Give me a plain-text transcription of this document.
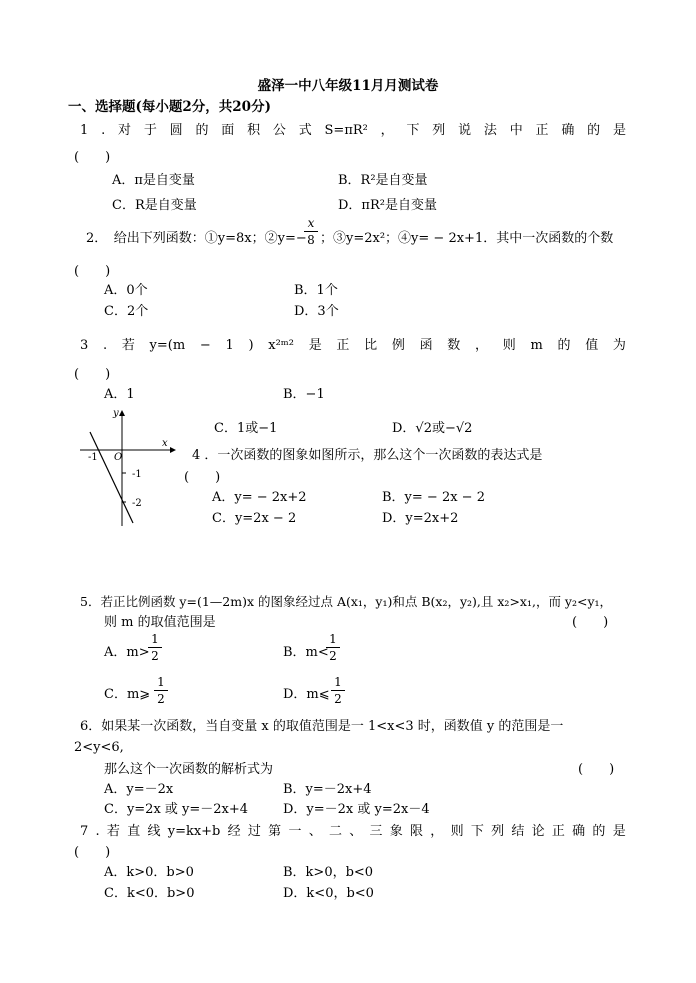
盛泽一中八年级11月月测试卷
一、选择题(每小题2分，共20分)
1 . 对 于 圆 的 面 积 公 式 S=πR² ， 下 列 说 法 中 正 确 的 是
(　　)
A．π是自变量	B．R²是自变量
C．R是自变量	D．πR²是自变量
2．　给出下列函数：①y=8x；②y=−
x
8 ；③y=2x²；④y= − 2x+1．其中一次函数的个数
(　　)
A．0个	B．1个
C．2个	D．3个
3 . 若 y=(m − 1 ) x²ᵐ² 是 正 比 例 函 数 ， 则 m 的 值 为
(　　)
A．1	B．−1
C．1或−1	D．√2或−√2
y
x
O
-1
-1
-2
4 ．一次函数的图象如图所示，那么这个一次函数的表达式是
(　　)
A．y= − 2x+2	B．y= − 2x − 2
C．y=2x − 2	D．y=2x+2
5．若正比例函数 y=(1—2m)x 的图象经过点 A(x₁，y₁)和点 B(x₂，y₂),且 x₂>x₁,，而 y₂<y₁，
则 m 的取值范围是	(　　)
A．m>
1
2	B．m<
1
2
C．m⩾
1
2	D．m⩽
1
2
6．如果某一次函数，当自变量 x 的取值范围是一 1<x<3 时，函数值 y 的范围是一
2<y<6,
那么这个一次函数的解析式为	(　　)
A．y=－2x	B．y=－2x+4
C．y=2x 或 y=－2x+4	D．y=－2x 或 y=2x－4
7 . 若 直 线 y=kx+b 经 过 第 一 、 二 、 三 象 限 ， 则 下 列 结 论 正 确 的 是
(　　)
A．k>0．b>0	B．k>0，b<0
C．k<0．b>0	D．k<0，b<0
